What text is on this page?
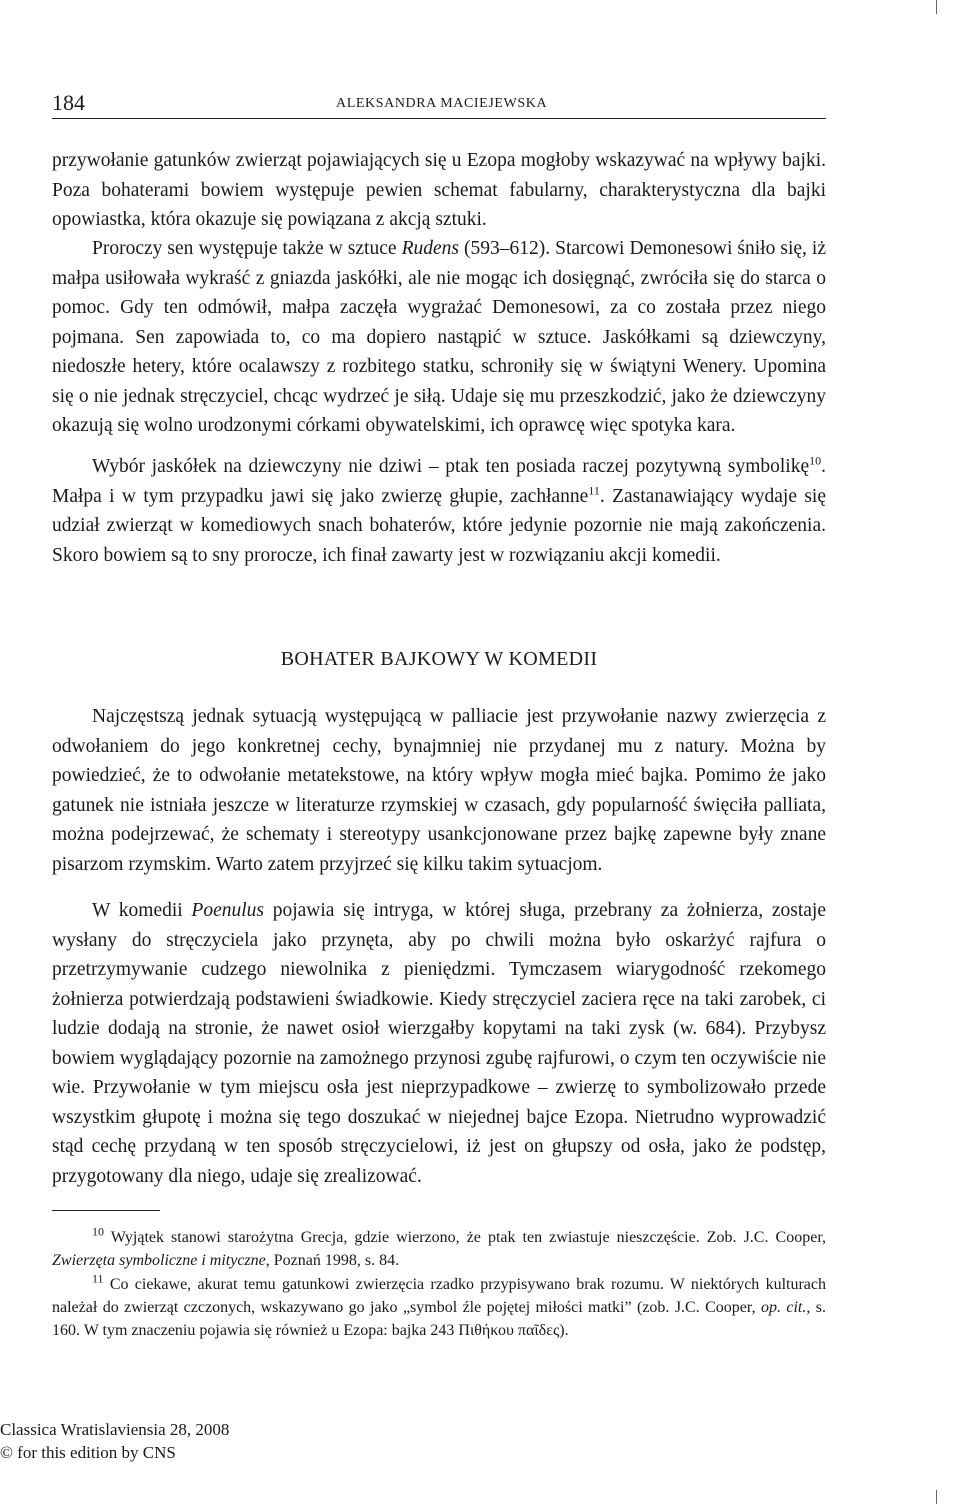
184	ALEKSANDRA MACIEJEWSKA

przywołanie gatunków zwierząt pojawiających się u Ezopa mogłoby wskazywać na wpływy bajki. Poza bohaterami bowiem występuje pewien schemat fabularny, charakterystyczna dla bajki opowiastka, która okazuje się powiązana z akcją sztuki.

Proroczy sen występuje także w sztuce Rudens (593–612). Starcowi Demonesowi śniło się, iż małpa usiłowała wykraść z gniazda jaskółki, ale nie mogąc ich dosięgnąć, zwróciła się do starca o pomoc. Gdy ten odmówił, małpa zaczęła wygrażać Demonesowi, za co została przez niego pojmana. Sen zapowiada to, co ma dopiero nastąpić w sztuce. Jaskółkami są dziewczyny, niedoszłe hetery, które ocalawszy z rozbitego statku, schroniły się w świątyni Wenery. Upomina się o nie jednak stręczyciel, chcąc wydrzeć je siłą. Udaje się mu przeszkodzić, jako że dziewczyny okazują się wolno urodzonymi córkami obywatelskimi, ich oprawcę więc spotyka kara.

Wybór jaskółek na dziewczyny nie dziwi – ptak ten posiada raczej pozytywną symbolikę$^{10}$. Małpa i w tym przypadku jawi się jako zwierzę głupie, zachłanne$^{11}$. Zastanawiający wydaje się udział zwierząt w komediowych snach bohaterów, które jedynie pozornie nie mają zakończenia. Skoro bowiem są to sny prorocze, ich finał zawarty jest w rozwiązaniu akcji komedii.

BOHATER BAJKOWY W KOMEDII

Najczęstszą jednak sytuacją występującą w palliacie jest przywołanie nazwy zwierzęcia z odwołaniem do jego konkretnej cechy, bynajmniej nie przydanej mu z natury. Można by powiedzieć, że to odwołanie metatekstowe, na który wpływ mogła mieć bajka. Pomimo że jako gatunek nie istniała jeszcze w literaturze rzymskiej w czasach, gdy popularność święciła palliata, można podejrzewać, że schematy i stereotypy usankcjonowane przez bajkę zapewne były znane pisarzom rzymskim. Warto zatem przyjrzeć się kilku takim sytuacjom.

W komedii Poenulus pojawia się intryga, w której sługa, przebrany za żołnierza, zostaje wysłany do stręczyciela jako przynęta, aby po chwili można było oskarżyć rajfura o przetrzymywanie cudzego niewolnika z pieniędzmi. Tymczasem wiarygodność rzekomego żołnierza potwierdzają podstawieni świadkowie. Kiedy stręczyciel zaciera ręce na taki zarobek, ci ludzie dodają na stronie, że nawet osioł wierzgałby kopytami na taki zysk (w. 684). Przybysz bowiem wyglądający pozornie na zamożnego przynosi zgubę rajfurowi, o czym ten oczywiście nie wie. Przywołanie w tym miejscu osła jest nieprzypadkowe – zwierzę to symbolizowało przede wszystkim głupotę i można się tego doszukać w niejednej bajce Ezopa. Nietrudno wyprowadzić stąd cechę przydaną w ten sposób stręczycielowi, iż jest on głupszy od osła, jako że podstęp, przygotowany dla niego, udaje się zrealizować.

$^{10}$ Wyjątek stanowi starożytna Grecja, gdzie wierzono, że ptak ten zwiastuje nieszczęście. Zob. J.C. Cooper, Zwierzęta symboliczne i mityczne, Poznań 1998, s. 84.

$^{11}$ Co ciekawe, akurat temu gatunkowi zwierzęcia rzadko przypisywano brak rozumu. W niektórych kulturach należał do zwierząt czczonych, wskazywano go jako „symbol źle pojętej miłości matki” (zob. J.C. Cooper, op. cit., s. 160. W tym znaczeniu pojawia się również u Ezopa: bajka 243 Πιθήκου παῖδες).

Classica Wratislaviensia 28, 2008
© for this edition by CNS
